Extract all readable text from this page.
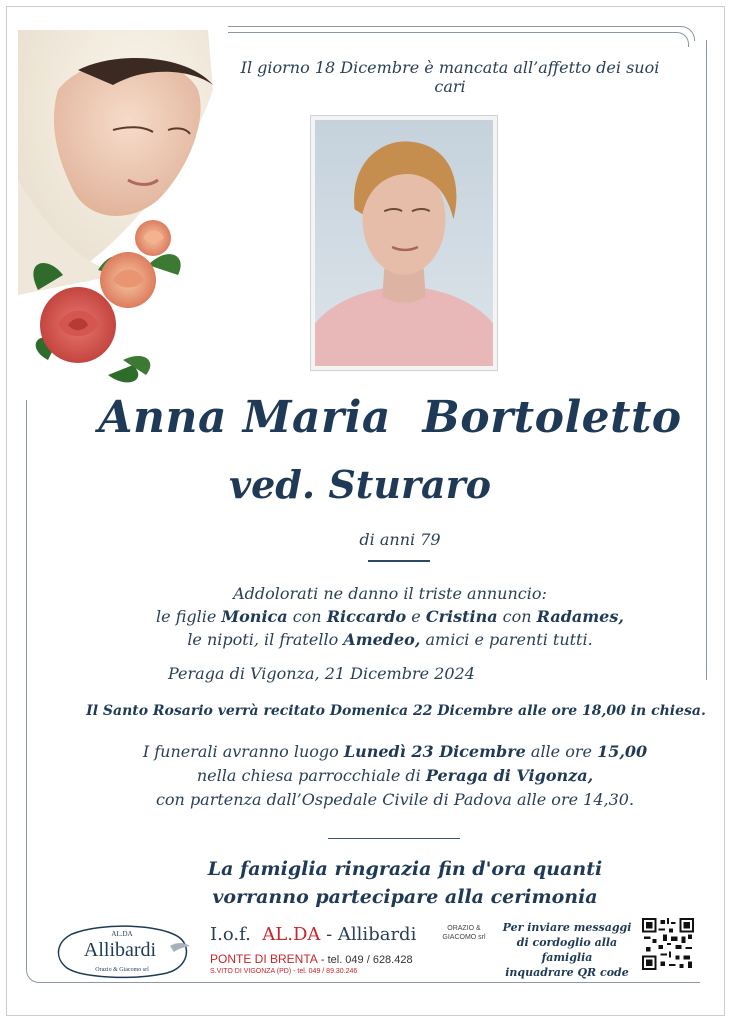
Il giorno 18 Dicembre è mancata all’affetto dei suoi cari
Anna Maria  Bortoletto
ved. Sturaro
di anni 79
Addolorati ne danno il triste annuncio:
le figlie Monica con Riccardo e Cristina con Radames,
le nipoti, il fratello Amedeo, amici e parenti tutti.
Peraga di Vigonza, 21 Dicembre 2024
Il Santo Rosario verrà recitato Domenica 22 Dicembre alle ore 18,00 in chiesa.
I funerali avranno luogo Lunedì 23 Dicembre alle ore 15,00
nella chiesa parrocchiale di Peraga di Vigonza,
con partenza dall’Ospedale Civile di Padova alle ore 14,30.
La famiglia ringrazia fin d'ora quanti
vorranno partecipare alla cerimonia
AL.DA
Allibardi
Orazio & Giacomo srl
I.o.f. AL.DA - Allibardi	ORAZIO &
GIACOMO srl
PONTE DI BRENTA - tel. 049 / 628.428
S.VITO DI VIGONZA (PD) - tel. 049 / 89.30.246
Per inviare messaggi
di cordoglio alla famiglia
inquadrare QR code
